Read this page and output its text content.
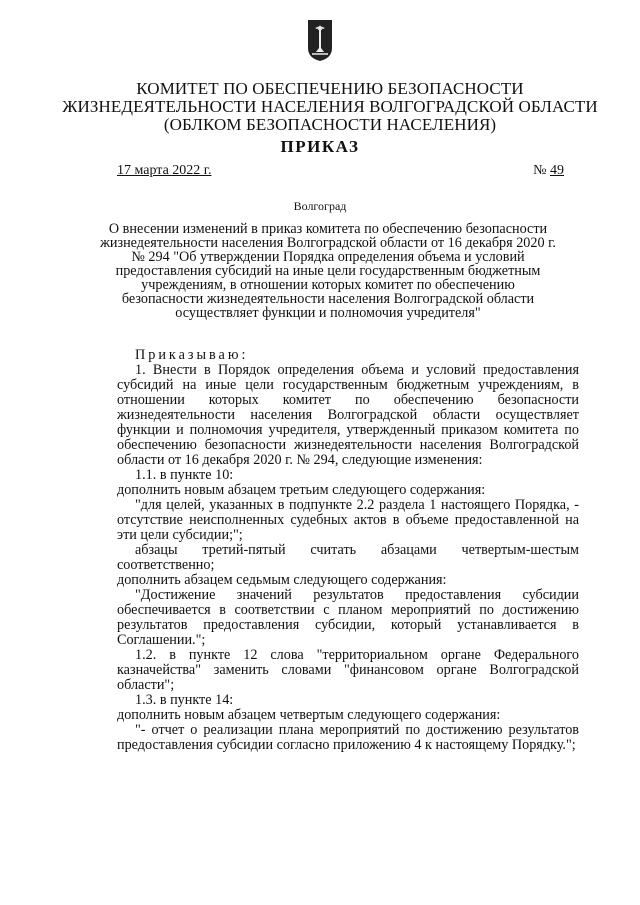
КОМИТЕТ ПО ОБЕСПЕЧЕНИЮ БЕЗОПАСНОСТИ
ЖИЗНЕДЕЯТЕЛЬНОСТИ НАСЕЛЕНИЯ ВОЛГОГРАДСКОЙ ОБЛАСТИ
(ОБЛКОМ БЕЗОПАСНОСТИ НАСЕЛЕНИЯ)
ПРИКАЗ
17 марта 2022 г.	№ 49
Волгоград
О внесении изменений в приказ комитета по обеспечению безопасности жизнедеятельности населения Волгоградской области от 16 декабря 2020 г. № 294 "Об утверждении Порядка определения объема и условий предоставления субсидий на иные цели государственным бюджетным учреждениям, в отношении которых комитет по обеспечению безопасности жизнедеятельности населения Волгоградской области осуществляет функции и полномочия учредителя"
Приказываю:
1. Внести в Порядок определения объема и условий предоставления субсидий на иные цели государственным бюджетным учреждениям, в отношении которых комитет по обеспечению безопасности жизнедеятельности населения Волгоградской области осуществляет функции и полномочия учредителя, утвержденный приказом комитета по обеспечению безопасности жизнедеятельности населения Волгоградской области от 16 декабря 2020 г. № 294, следующие изменения:
1.1. в пункте 10:
дополнить новым абзацем третьим следующего содержания:
"для целей, указанных в подпункте 2.2 раздела 1 настоящего Порядка, - отсутствие неисполненных судебных актов в объеме предоставленной на эти цели субсидии;";
абзацы третий-пятый считать абзацами четвертым-шестым соответственно;
дополнить абзацем седьмым следующего содержания:
"Достижение значений результатов предоставления субсидии обеспечивается в соответствии с планом мероприятий по достижению результатов предоставления субсидии, который устанавливается в Соглашении.";
1.2. в пункте 12 слова "территориальном органе Федерального казначейства" заменить словами "финансовом органе Волгоградской области";
1.3. в пункте 14:
дополнить новым абзацем четвертым следующего содержания:
"- отчет о реализации плана мероприятий по достижению результатов предоставления субсидии согласно приложению 4 к настоящему Порядку.";
